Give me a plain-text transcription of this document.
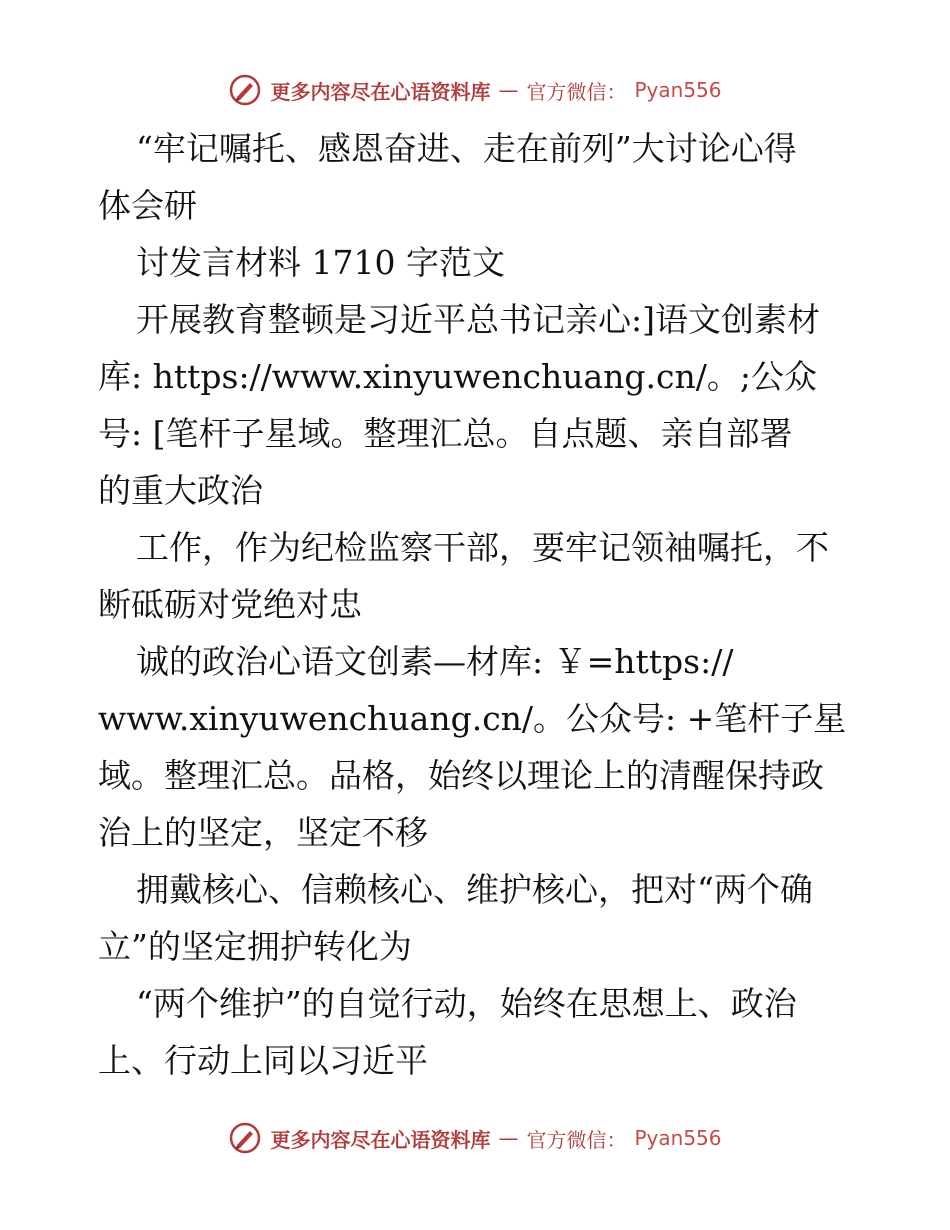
更多内容尽在心语资料库 — 官方微信： Pyan556

“牢记嘱托、感恩奋进、走在前列”大讨论心得
体会研

讨发言材料 1710 字范文

开展教育整顿是习近平总书记亲心:]语文创素材
库: https://www.xinyuwenchuang.cn/。;公众
号: [笔杆子星域。整理汇总。自点题、亲自部署
的重大政治

工作，作为纪检监察干部，要牢记领袖嘱托，不
断砥砺对党绝对忠

诚的政治心语文创素—材库: ￥=https://
www.xinyuwenchuang.cn/。公众号: +笔杆子星
域。整理汇总。品格，始终以理论上的清醒保持政
治上的坚定，坚定不移

拥戴核心、信赖核心、维护核心，把对“两个确
立”的坚定拥护转化为

“两个维护”的自觉行动，始终在思想上、政治
上、行动上同以习近平

更多内容尽在心语资料库 — 官方微信： Pyan556
